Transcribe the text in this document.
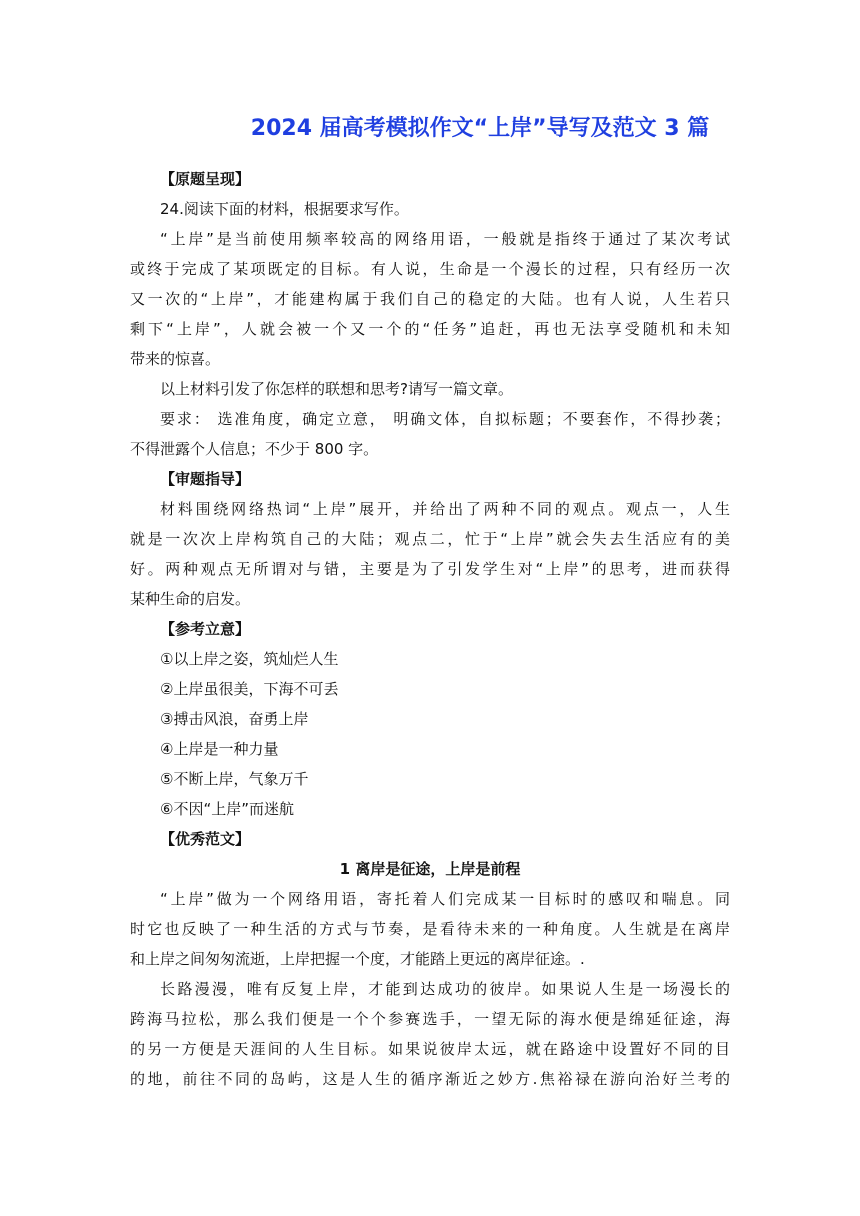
2024 届高考模拟作文“上岸”导写及范文 3 篇
【原题呈现】
24.阅读下面的材料，根据要求写作。
“上岸”是当前使用频率较高的网络用语，一般就是指终于通过了某次考试
或终于完成了某项既定的目标。有人说，生命是一个漫长的过程，只有经历一次
又一次的“上岸”，才能建构属于我们自己的稳定的大陆。也有人说，人生若只
剩下“上岸”，人就会被一个又一个的“任务”追赶，再也无法享受随机和未知
带来的惊喜。
以上材料引发了你怎样的联想和思考?请写一篇文章。
要求： 选准角度，确定立意， 明确文体，自拟标题；不要套作，不得抄袭；
不得泄露个人信息；不少于 800 字。
【审题指导】
材料围绕网络热词“上岸”展开，并给出了两种不同的观点。观点一，人生
就是一次次上岸构筑自己的大陆；观点二，忙于“上岸”就会失去生活应有的美
好。两种观点无所谓对与错，主要是为了引发学生对“上岸”的思考，进而获得
某种生命的启发。
【参考立意】
①以上岸之姿，筑灿烂人生
②上岸虽很美，下海不可丢
③搏击风浪，奋勇上岸
④上岸是一种力量
⑤不断上岸，气象万千
⑥不因“上岸”而迷航
【优秀范文】
1 离岸是征途，上岸是前程
“上岸”做为一个网络用语，寄托着人们完成某一目标时的感叹和喘息。同
时它也反映了一种生活的方式与节奏，是看待未来的一种角度。人生就是在离岸
和上岸之间匆匆流逝，上岸把握一个度，才能踏上更远的离岸征途。.
长路漫漫，唯有反复上岸，才能到达成功的彼岸。如果说人生是一场漫长的
跨海马拉松，那么我们便是一个个参赛选手，一望无际的海水便是绵延征途，海
的另一方便是天涯间的人生目标。如果说彼岸太远，就在路途中设置好不同的目
的地，前往不同的岛屿，这是人生的循序渐近之妙方.焦裕禄在游向治好兰考的
